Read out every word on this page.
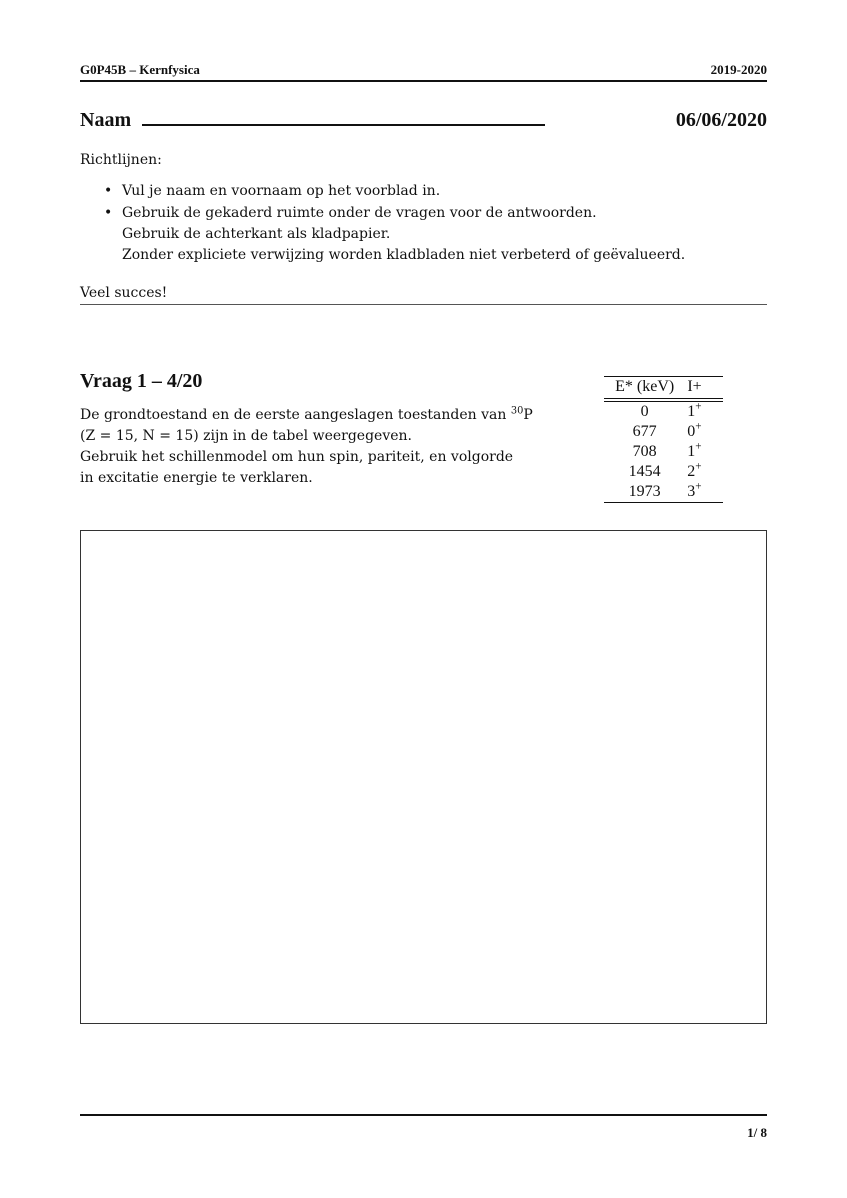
G0P45B – Kernfysica	2019-2020
Naam	06/06/2020
Richtlijnen:
• Vul je naam en voornaam op het voorblad in.
• Gebruik de gekaderd ruimte onder de vragen voor de antwoorden.
Gebruik de achterkant als kladpapier.
Zonder expliciete verwijzing worden kladbladen niet verbeterd of geëvalueerd.
Veel succes!
Vraag 1 – 4/20
De grondtoestand en de eerste aangeslagen toestanden van $^{30}$P
(Z = 15, N = 15) zijn in de tabel weergegeven.
Gebruik het schillenmodel om hun spin, pariteit, en volgorde
in excitatie energie te verklaren.
E* (keV)	I+
0	1+
677	0+
708	1+
1454	2+
1973	3+
1/ 8
